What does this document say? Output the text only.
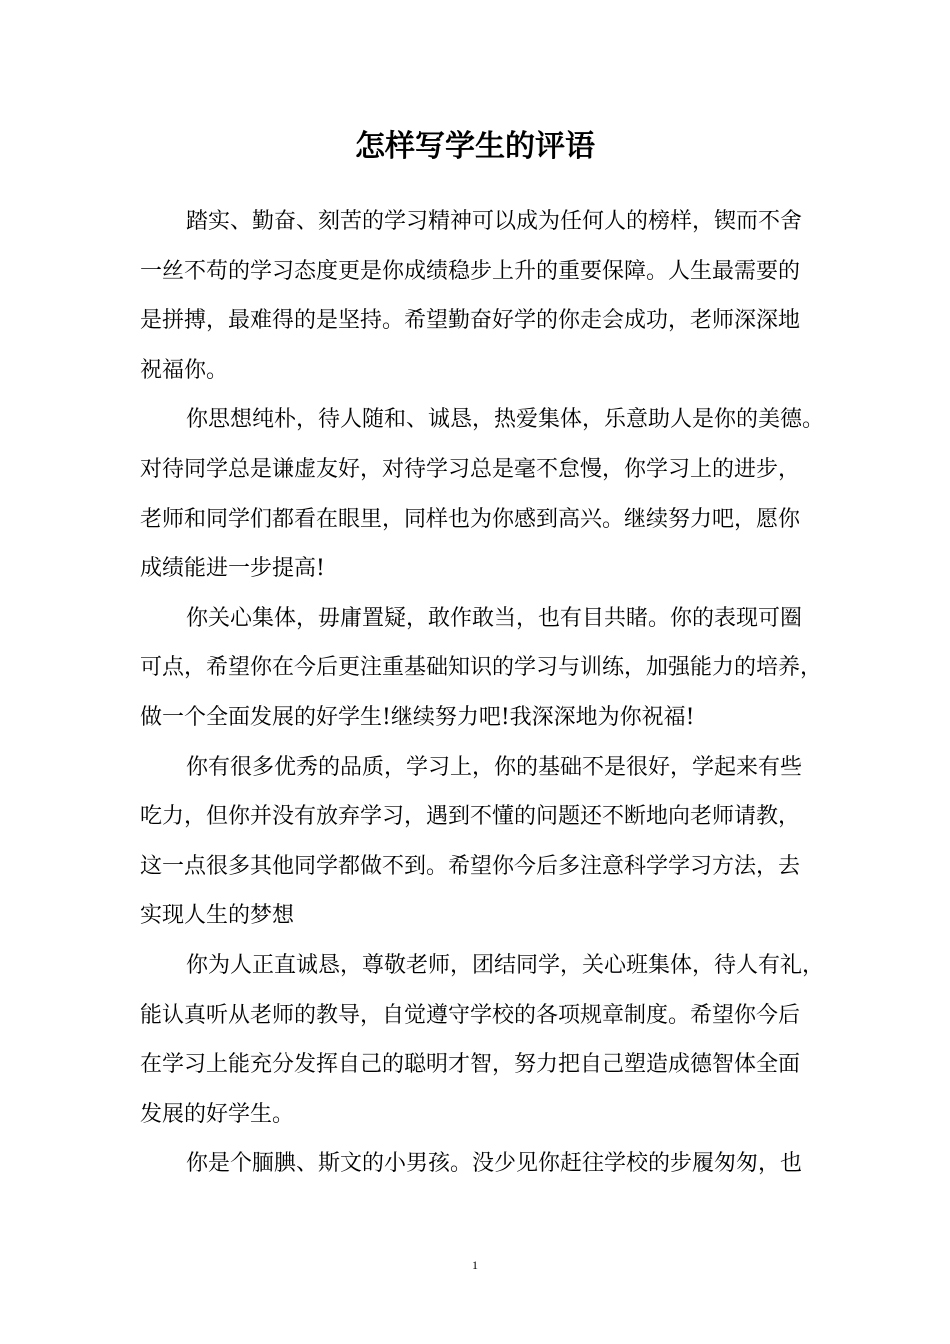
怎样写学生的评语
踏实、勤奋、刻苦的学习精神可以成为任何人的榜样，锲而不舍
一丝不苟的学习态度更是你成绩稳步上升的重要保障。人生最需要的
是拼搏，最难得的是坚持。希望勤奋好学的你走会成功，老师深深地
祝福你。
你思想纯朴，待人随和、诚恳，热爱集体，乐意助人是你的美德。
对待同学总是谦虚友好，对待学习总是毫不怠慢，你学习上的进步，
老师和同学们都看在眼里，同样也为你感到高兴。继续努力吧，愿你
成绩能进一步提高!
你关心集体，毋庸置疑，敢作敢当，也有目共睹。你的表现可圈
可点，希望你在今后更注重基础知识的学习与训练，加强能力的培养，
做一个全面发展的好学生!继续努力吧!我深深地为你祝福!
你有很多优秀的品质，学习上，你的基础不是很好，学起来有些
吃力，但你并没有放弃学习，遇到不懂的问题还不断地向老师请教，
这一点很多其他同学都做不到。希望你今后多注意科学学习方法，去
实现人生的梦想
你为人正直诚恳，尊敬老师，团结同学，关心班集体，待人有礼，
能认真听从老师的教导，自觉遵守学校的各项规章制度。希望你今后
在学习上能充分发挥自己的聪明才智，努力把自己塑造成德智体全面
发展的好学生。
你是个腼腆、斯文的小男孩。没少见你赶往学校的步履匆匆，也
1
